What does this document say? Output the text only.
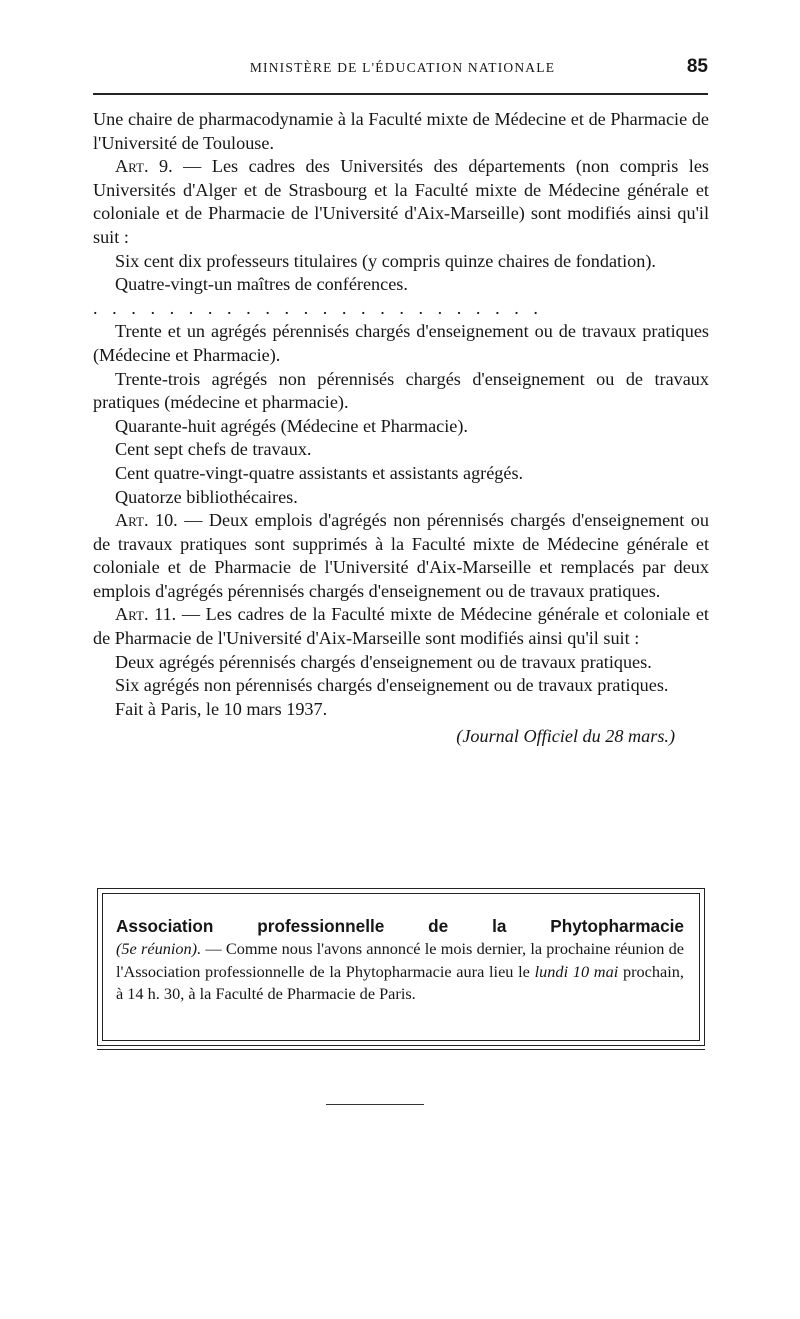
MINISTÈRE DE L'ÉDUCATION NATIONALE	85

Une chaire de pharmacodynamie à la Faculté mixte de Médecine et de Pharmacie de l'Université de Toulouse.

Art. 9. — Les cadres des Universités des départements (non compris les Universités d'Alger et de Strasbourg et la Faculté mixte de Médecine générale et coloniale et de Pharmacie de l'Université d'Aix-Marseille) sont modifiés ainsi qu'il suit :

Six cent dix professeurs titulaires (y compris quinze chaires de fondation).

Quatre-vingt-un maîtres de conférences.

........................

Trente et un agrégés pérennisés chargés d'enseignement ou de travaux pratiques (Médecine et Pharmacie).

Trente-trois agrégés non pérennisés chargés d'enseignement ou de travaux pratiques (médecine et pharmacie).

Quarante-huit agrégés (Médecine et Pharmacie).

Cent sept chefs de travaux.

Cent quatre-vingt-quatre assistants et assistants agrégés.

Quatorze bibliothécaires.

Art. 10. — Deux emplois d'agrégés non pérennisés chargés d'enseignement ou de travaux pratiques sont supprimés à la Faculté mixte de Médecine générale et coloniale et de Pharmacie de l'Université d'Aix-Marseille et remplacés par deux emplois d'agrégés pérennisés chargés d'enseignement ou de travaux pratiques.

Art. 11. — Les cadres de la Faculté mixte de Médecine générale et coloniale et de Pharmacie de l'Université d'Aix-Marseille sont modifiés ainsi qu'il suit :

Deux agrégés pérennisés chargés d'enseignement ou de travaux pratiques.

Six agrégés non pérennisés chargés d'enseignement ou de travaux pratiques.

Fait à Paris, le 10 mars 1937.

(Journal Officiel du 28 mars.)

Association professionnelle de la Phytopharmacie
(5e réunion). — Comme nous l'avons annoncé le mois dernier, la prochaine réunion de l'Association professionnelle de la Phytopharmacie aura lieu le lundi 10 mai prochain, à 14 h. 30, à la Faculté de Pharmacie de Paris.
